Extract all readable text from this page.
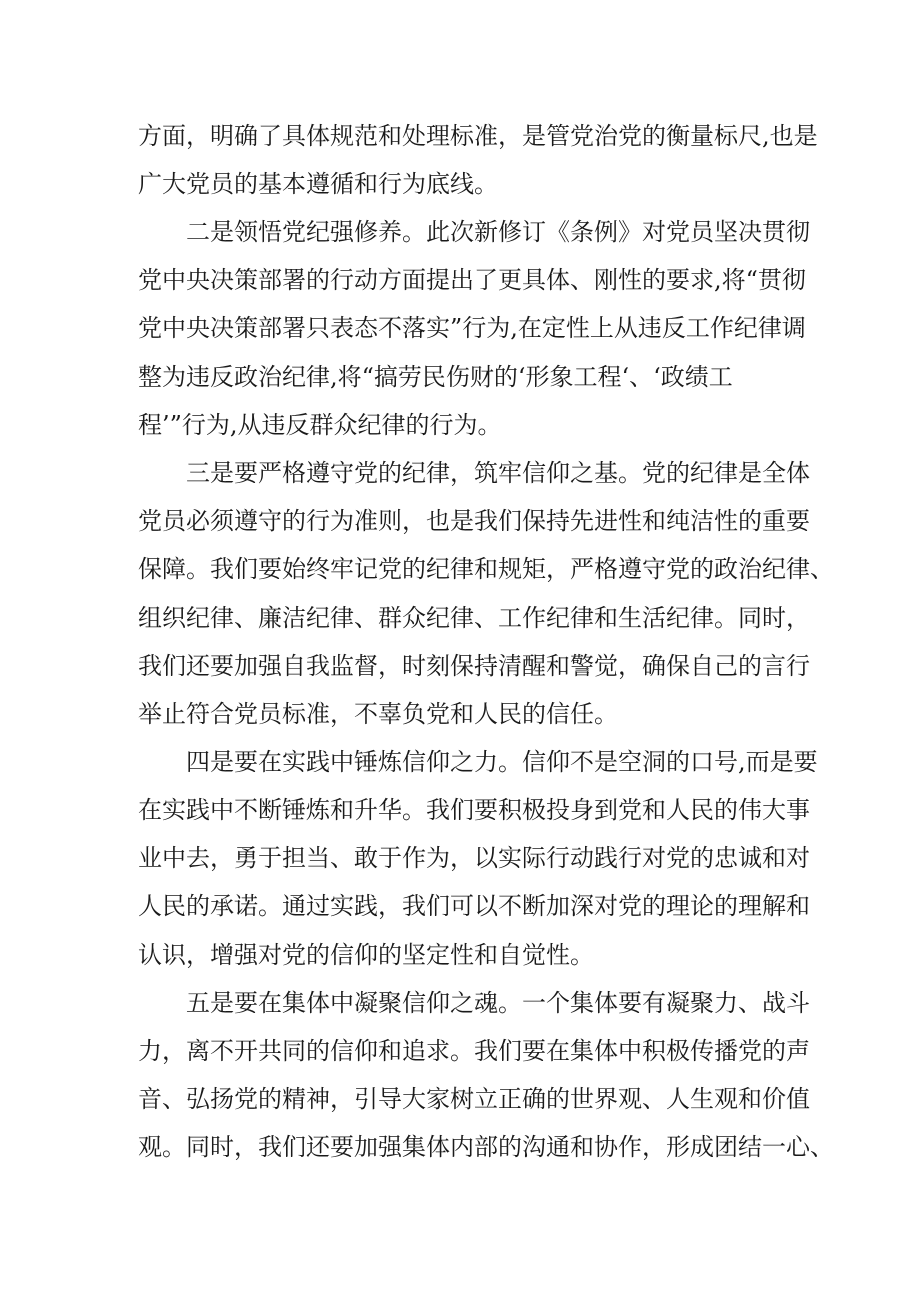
方面，明确了具体规范和处理标准，是管党治党的衡量标尺,也是

广大党员的基本遵循和行为底线。

二是领悟党纪强修养。此次新修订《条例》对党员坚决贯彻

党中央决策部署的行动方面提出了更具体、刚性的要求,将“贯彻

党中央决策部署只表态不落实”行为,在定性上从违反工作纪律调

整为违反政治纪律,将“搞劳民伤财的‘形象工程‘、‘政绩工

程’”行为,从违反群众纪律的行为。

三是要严格遵守党的纪律，筑牢信仰之基。党的纪律是全体

党员必须遵守的行为准则，也是我们保持先进性和纯洁性的重要

保障。我们要始终牢记党的纪律和规矩，严格遵守党的政治纪律、

组织纪律、廉洁纪律、群众纪律、工作纪律和生活纪律。同时，

我们还要加强自我监督，时刻保持清醒和警觉，确保自己的言行

举止符合党员标准，不辜负党和人民的信任。

四是要在实践中锤炼信仰之力。信仰不是空洞的口号,而是要

在实践中不断锤炼和升华。我们要积极投身到党和人民的伟大事

业中去，勇于担当、敢于作为，以实际行动践行对党的忠诚和对

人民的承诺。通过实践，我们可以不断加深对党的理论的理解和

认识，增强对党的信仰的坚定性和自觉性。

五是要在集体中凝聚信仰之魂。一个集体要有凝聚力、战斗

力，离不开共同的信仰和追求。我们要在集体中积极传播党的声

音、弘扬党的精神，引导大家树立正确的世界观、人生观和价值

观。同时，我们还要加强集体内部的沟通和协作，形成团结一心、
